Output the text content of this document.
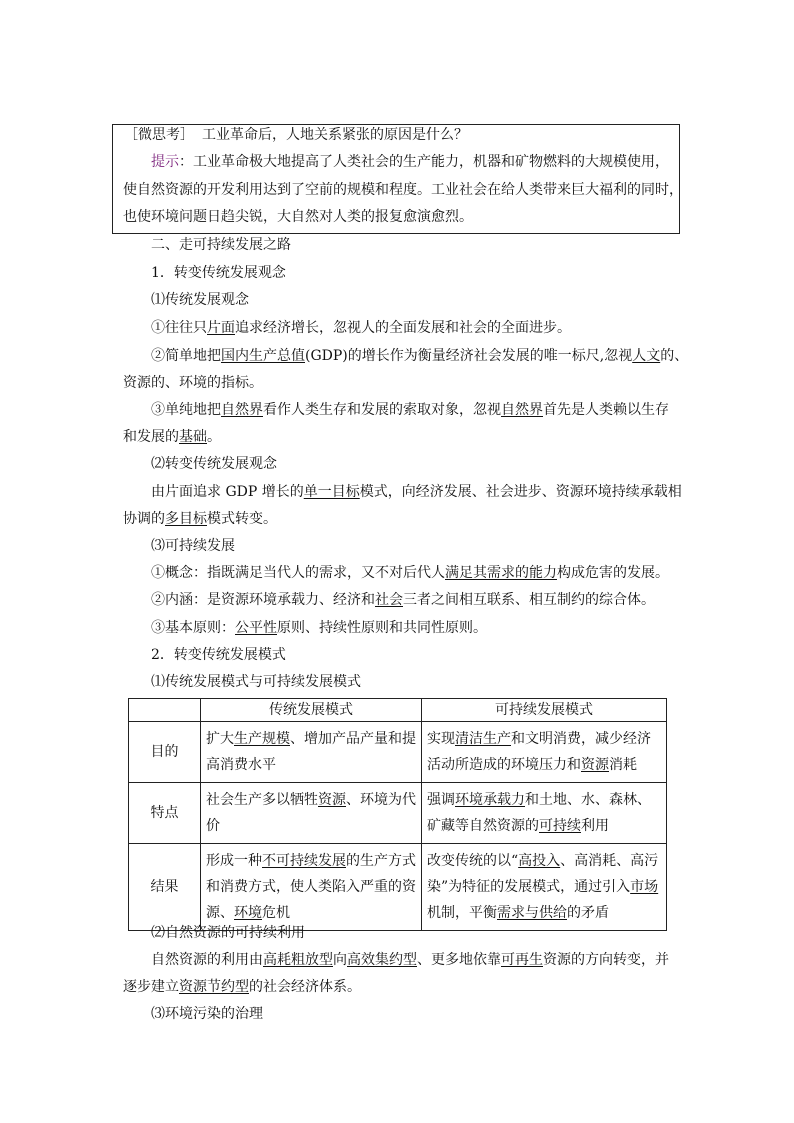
［微思考］ 工业革命后，人地关系紧张的原因是什么？
提示：工业革命极大地提高了人类社会的生产能力，机器和矿物燃料的大规模使用，
使自然资源的开发利用达到了空前的规模和程度。工业社会在给人类带来巨大福利的同时，
也使环境问题日趋尖锐，大自然对人类的报复愈演愈烈。
二、走可持续发展之路
1．转变传统发展观念
⑴传统发展观念
①往往只片面追求经济增长，忽视人的全面发展和社会的全面进步。
②简单地把国内生产总值(GDP)的增长作为衡量经济社会发展的唯一标尺,忽视人文的、
资源的、环境的指标。
③单纯地把自然界看作人类生存和发展的索取对象，忽视自然界首先是人类赖以生存
和发展的基础。
⑵转变传统发展观念
由片面追求 GDP 增长的单一目标模式，向经济发展、社会进步、资源环境持续承载相
协调的多目标模式转变。
⑶可持续发展
①概念：指既满足当代人的需求，又不对后代人满足其需求的能力构成危害的发展。
②内涵：是资源环境承载力、经济和社会三者之间相互联系、相互制约的综合体。
③基本原则：公平性原则、持续性原则和共同性原则。
2．转变传统发展模式
⑴传统发展模式与可持续发展模式
	传统发展模式	可持续发展模式
目的	扩大生产规模、增加产品产量和提高消费水平	实现清洁生产和文明消费，减少经济活动所造成的环境压力和资源消耗
特点	社会生产多以牺牲资源、环境为代价	强调环境承载力和土地、水、森林、矿藏等自然资源的可持续利用
结果	形成一种不可持续发展的生产方式和消费方式，使人类陷入严重的资源、环境危机	改变传统的以“高投入、高消耗、高污染”为特征的发展模式，通过引入市场机制，平衡需求与供给的矛盾
⑵自然资源的可持续利用
自然资源的利用由高耗粗放型向高效集约型、更多地依靠可再生资源的方向转变，并
逐步建立资源节约型的社会经济体系。
⑶环境污染的治理
